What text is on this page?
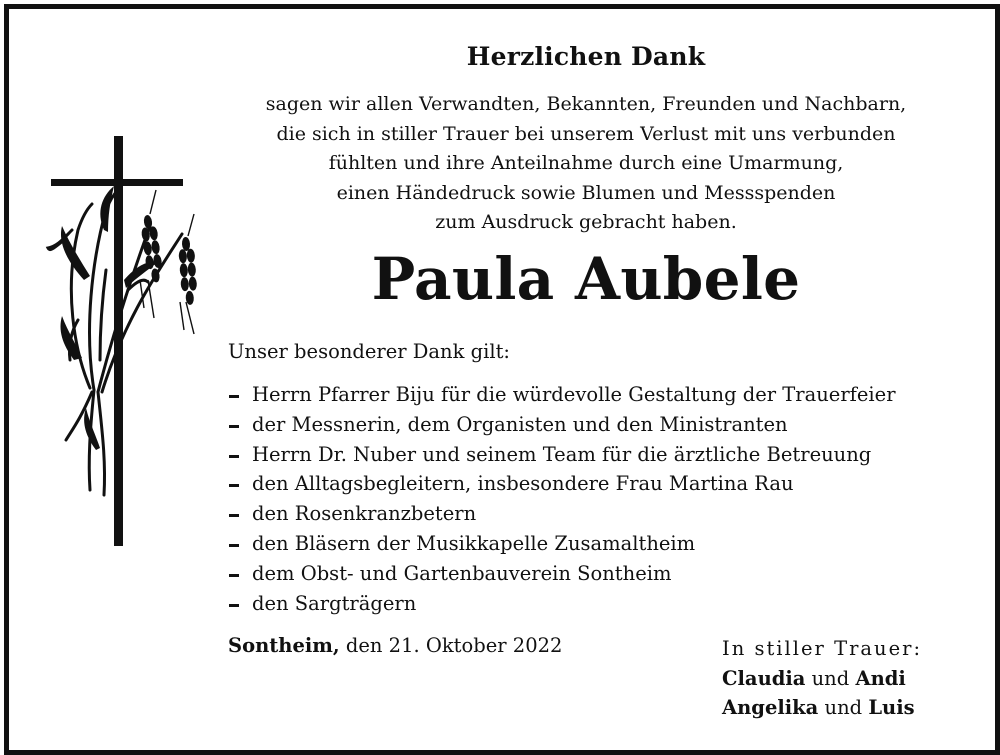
Herzlichen Dank
sagen wir allen Verwandten, Bekannten, Freunden und Nachbarn,
die sich in stiller Trauer bei unserem Verlust mit uns verbunden
fühlten und ihre Anteilnahme durch eine Umarmung,
einen Händedruck sowie Blumen und Messspenden
zum Ausdruck gebracht haben.
Paula Aubele
Unser besonderer Dank gilt:
Herrn Pfarrer Biju für die würdevolle Gestaltung der Trauerfeier
der Messnerin, dem Organisten und den Ministranten
Herrn Dr. Nuber und seinem Team für die ärztliche Betreuung
den Alltagsbegleitern, insbesondere Frau Martina Rau
den Rosenkranzbetern
den Bläsern der Musikkapelle Zusamaltheim
dem Obst- und Gartenbauverein Sontheim
den Sargträgern
Sontheim, den 21. Oktober 2022	In stiller Trauer:
Claudia und Andi
Angelika und Luis
